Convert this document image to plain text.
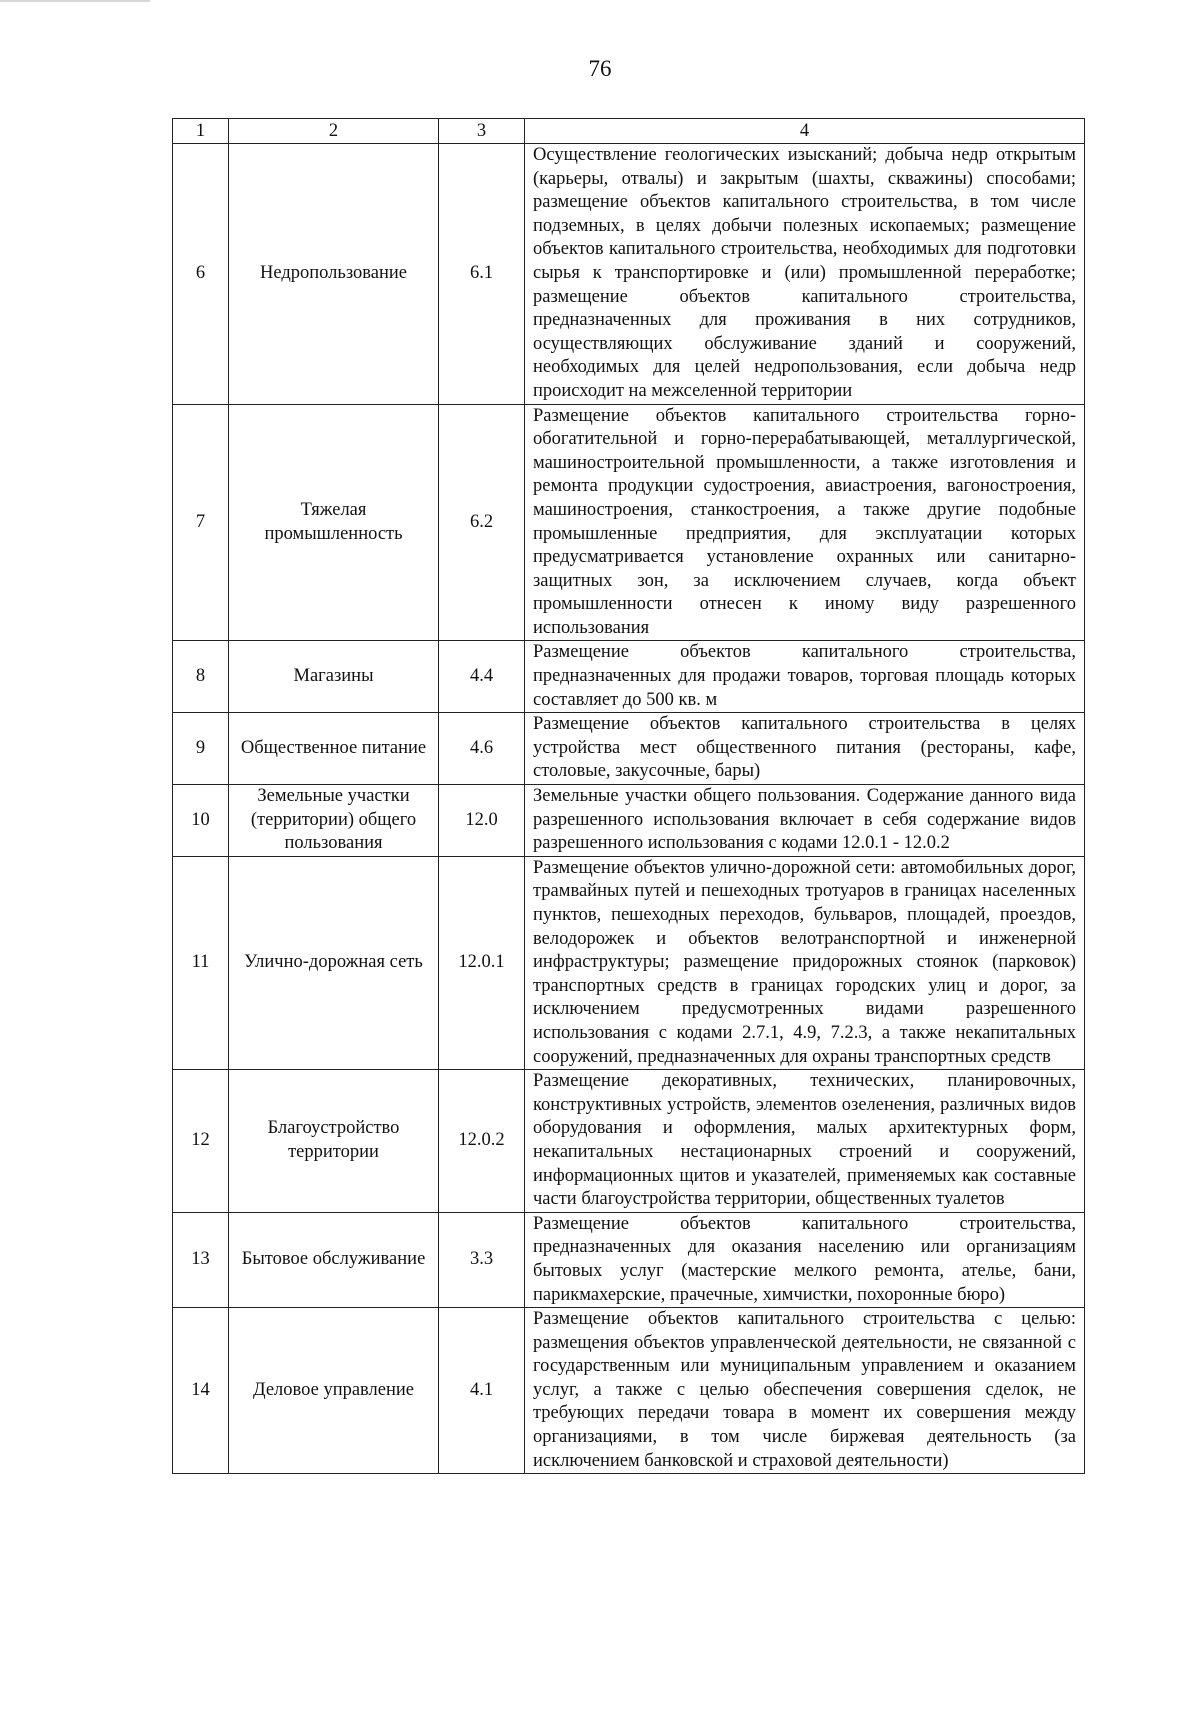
76
1	2	3	4
6	Недропользование	6.1	Осуществление геологических изысканий; добыча недр открытым (карьеры, отвалы) и закрытым (шахты, скважины) способами; размещение объектов капитального строительства, в том числе подземных, в целях добычи полезных ископаемых; размещение объектов капитального строительства, необходимых для подготовки сырья к транспортировке и (или) промышленной переработке; размещение объектов капитального строительства, предназначенных для проживания в них сотрудников, осуществляющих обслуживание зданий и сооружений, необходимых для целей недропользования, если добыча недр происходит на межселенной территории
7	Тяжелая промышленность	6.2	Размещение объектов капитального строительства горно-обогатительной и горно-перерабатывающей, металлургической, машиностроительной промышленности, а также изготовления и ремонта продукции судостроения, авиастроения, вагоностроения, машиностроения, станкостроения, а также другие подобные промышленные предприятия, для эксплуатации которых предусматривается установление охранных или санитарно-защитных зон, за исключением случаев, когда объект промышленности отнесен к иному виду разрешенного использования
8	Магазины	4.4	Размещение объектов капитального строительства, предназначенных для продажи товаров, торговая площадь которых составляет до 500 кв. м
9	Общественное питание	4.6	Размещение объектов капитального строительства в целях устройства мест общественного питания (рестораны, кафе, столовые, закусочные, бары)
10	Земельные участки (территории) общего пользования	12.0	Земельные участки общего пользования. Содержание данного вида разрешенного использования включает в себя содержание видов разрешенного использования с кодами 12.0.1 - 12.0.2
11	Улично-дорожная сеть	12.0.1	Размещение объектов улично-дорожной сети: автомобильных дорог, трамвайных путей и пешеходных тротуаров в границах населенных пунктов, пешеходных переходов, бульваров, площадей, проездов, велодорожек и объектов велотранспортной и инженерной инфраструктуры; размещение придорожных стоянок (парковок) транспортных средств в границах городских улиц и дорог, за исключением предусмотренных видами разрешенного использования с кодами 2.7.1, 4.9, 7.2.3, а также некапитальных сооружений, предназначенных для охраны транспортных средств
12	Благоустройство территории	12.0.2	Размещение декоративных, технических, планировочных, конструктивных устройств, элементов озеленения, различных видов оборудования и оформления, малых архитектурных форм, некапитальных нестационарных строений и сооружений, информационных щитов и указателей, применяемых как составные части благоустройства территории, общественных туалетов
13	Бытовое обслуживание	3.3	Размещение объектов капитального строительства, предназначенных для оказания населению или организациям бытовых услуг (мастерские мелкого ремонта, ателье, бани, парикмахерские, прачечные, химчистки, похоронные бюро)
14	Деловое управление	4.1	Размещение объектов капитального строительства с целью: размещения объектов управленческой деятельности, не связанной с государственным или муниципальным управлением и оказанием услуг, а также с целью обеспечения совершения сделок, не требующих передачи товара в момент их совершения между организациями, в том числе биржевая деятельность (за исключением банковской и страховой деятельности)
